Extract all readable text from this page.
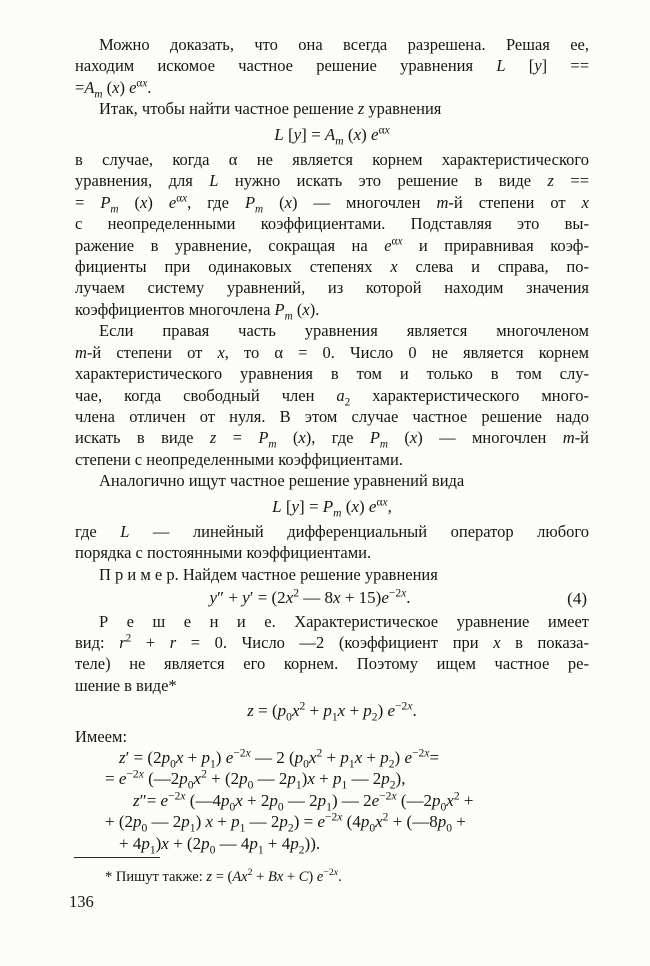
Можно доказать, что она всегда разрешена. Решая ее,
находим искомое частное решение уравнения L [y] ==
$=A_m$ (x) $e^{\alpha x}$.
Итак, чтобы найти частное решение z уравнения
L $[y] = A_m$ (x) $e^{\alpha x}$
в случае, когда α не является корнем характеристического
уравнения, для L нужно искать это решение в виде z ==
= $P_m$ (x) $e^{\alpha x}$, где $P_m$ (x) — многочлен m-й степени от x
с неопределенными коэффициентами. Подставляя это вы-
ражение в уравнение, сокращая на $e^{\alpha x}$ и приравнивая коэф-
фициенты при одинаковых степенях x слева и справа, по-
лучаем систему уравнений, из которой находим значения
коэффициентов многочлена $P_m$ (x).
Если правая часть уравнения является многочленом
m-й степени от x, то α = 0. Число 0 не является корнем
характеристического уравнения в том и только в том слу-
чае, когда свободный член $a_2$ характеристического много-
члена отличен от нуля. В этом случае частное решение надо
искать в виде $z = P_m$ (x), где $P_m$ (x) — многочлен m-й
степени с неопределенными коэффициентами.
Аналогично ищут частное решение уравнений вида
L $[y] = P_m$ (x) $e^{\alpha x}$,
где L — линейный дифференциальный оператор любого
порядка с постоянными коэффициентами.
П р и м е р. Найдем частное решение уравнения
$y'' + y' = (2x^2$ — $8x + 15)e^{-2x}$.	(4)
Р е ш е н и е. Характеристическое уравнение имеет
вид: $r^2 + r = 0$. Число —2 (коэффициент при x в показа-
теле) не является его корнем. Поэтому ищем частное ре-
шение в виде*
$z = (p_0x^2 + p_1x + p_2)$ $e^{-2x}$.
Имеем:
$z' = (2p_0x + p_1)$ $e^{-2x}$ — 2 $(p_0x^2 + p_1x + p_2)$ $e^{-2x}=$
= $e^{-2x}$ ($—2p_0x^2 + (2p_0$ — $2p_1)x + p_1$ — $2p_2$),
$z''= e^{-2x}$ ($—4p_0x + 2p_0$ — $2p_1$) — $2e^{-2x}$ ($—2p_0x^2$ +
+ ($2p_0$ — $2p_1$) $x + p_1$ — $2p_2) = e^{-2x}$ ($4p_0x^2$ + ($—8p_0$ +
+ $4p_1)x + (2p_0$ — $4p_1 + 4p_2$)).
* Пишут также: $z = (Ax^2 + Bx + C)$ $e^{-2x}$.
136
